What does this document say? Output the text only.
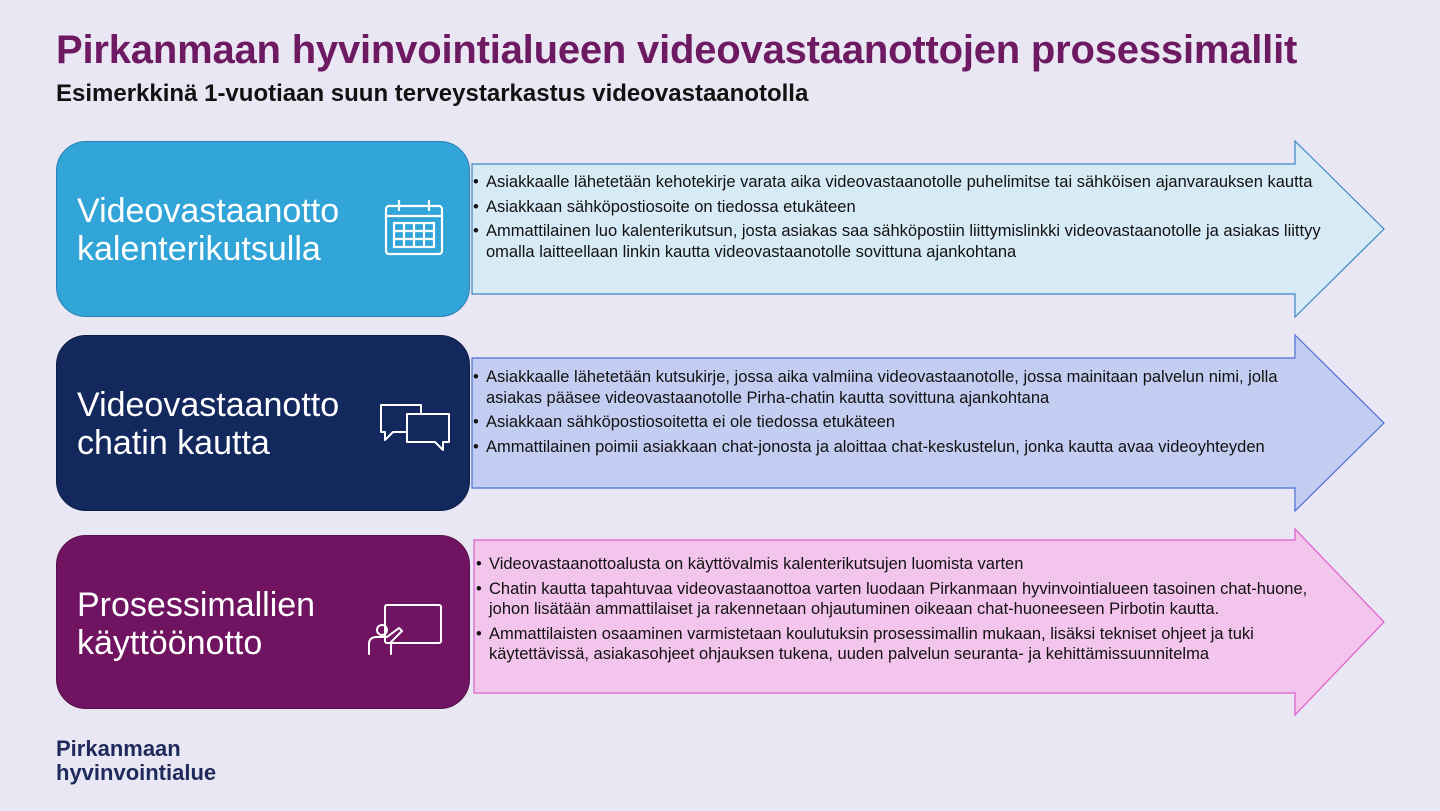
Pirkanmaan hyvinvointialueen videovastaanottojen prosessimallit
Esimerkkinä 1-vuotiaan suun terveystarkastus videovastaanotolla
Videovastaanotto
kalenterikutsulla
• Asiakkaalle lähetetään kehotekirje varata aika videovastaanotolle puhelimitse tai sähköisen ajanvarauksen kautta
• Asiakkaan sähköpostiosoite on tiedossa etukäteen
• Ammattilainen luo kalenterikutsun, josta asiakas saa sähköpostiin liittymislinkki videovastaanotolle ja asiakas liittyy omalla laitteellaan linkin kautta videovastaanotolle sovittuna ajankohtana
Videovastaanotto
chatin kautta
• Asiakkaalle lähetetään kutsukirje, jossa aika valmiina videovastaanotolle, jossa mainitaan palvelun nimi, jolla asiakas pääsee videovastaanotolle Pirha-chatin kautta sovittuna ajankohtana
• Asiakkaan sähköpostiosoitetta ei ole tiedossa etukäteen
• Ammattilainen poimii asiakkaan chat-jonosta ja aloittaa chat-keskustelun, jonka kautta avaa videoyhteyden
Prosessimallien
käyttöönotto
• Videovastaanottoalusta on käyttövalmis kalenterikutsujen luomista varten
• Chatin kautta tapahtuvaa videovastaanottoa varten luodaan Pirkanmaan hyvinvointialueen tasoinen chat-huone, johon lisätään ammattilaiset ja rakennetaan ohjautuminen oikeaan chat-huoneeseen Pirbotin kautta.
• Ammattilaisten osaaminen varmistetaan koulutuksin prosessimallin mukaan, lisäksi tekniset ohjeet ja tuki käytettävissä, asiakasohjeet ohjauksen tukena, uuden palvelun seuranta- ja kehittämissuunnitelma
Pirkanmaan
hyvinvointialue
